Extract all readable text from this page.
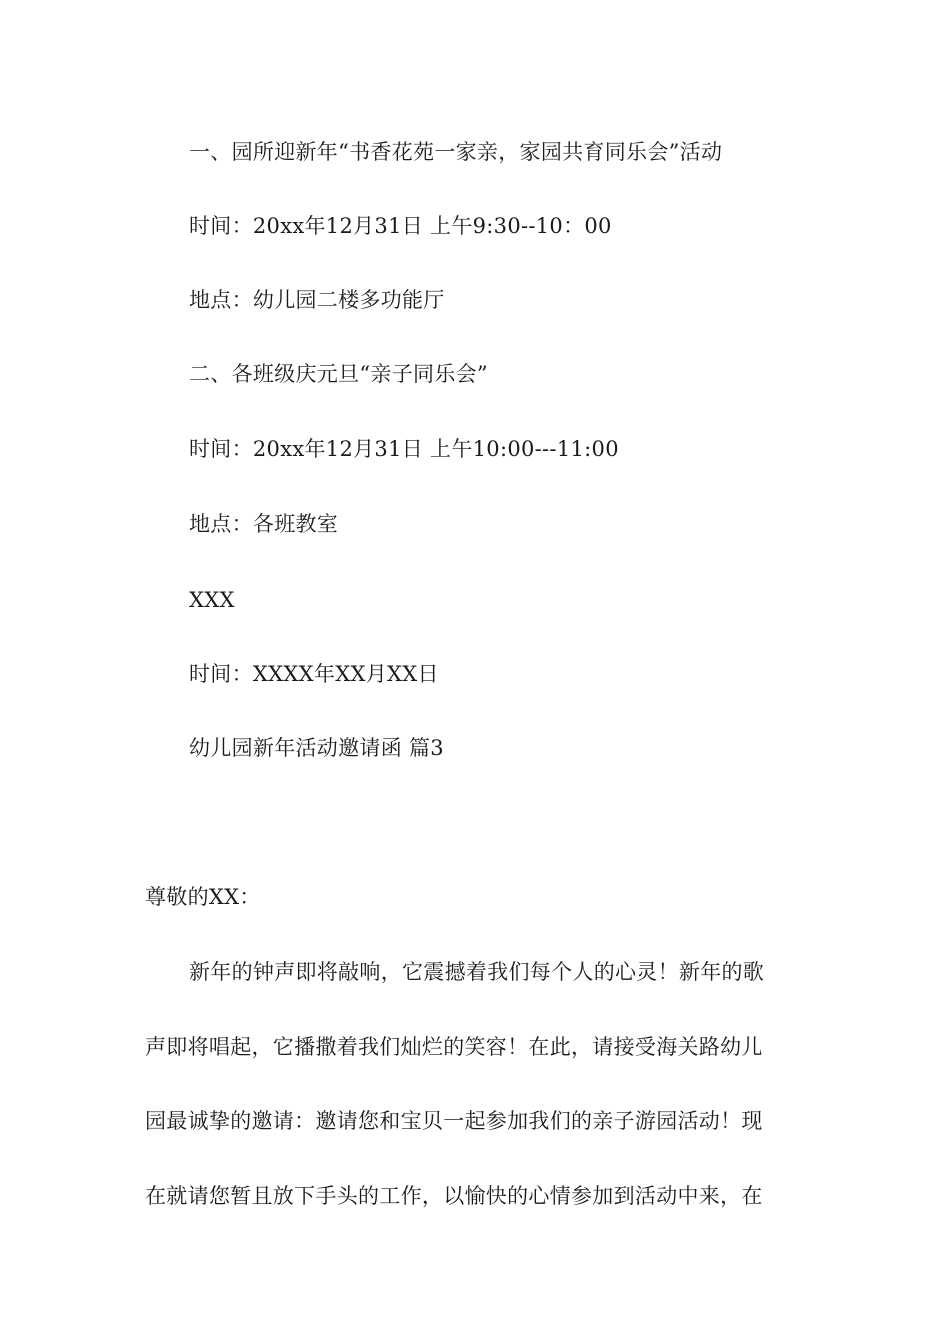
一、园所迎新年“书香花苑一家亲，家园共育同乐会”活动
时间：20xx年12月31日 上午9:30--10：00
地点：幼儿园二楼多功能厅
二、各班级庆元旦“亲子同乐会”
时间：20xx年12月31日 上午10:00---11:00
地点：各班教室
XXX
时间：XXXX年XX月XX日
幼儿园新年活动邀请函 篇3
尊敬的XX：
新年的钟声即将敲响，它震撼着我们每个人的心灵！新年的歌
声即将唱起，它播撒着我们灿烂的笑容！在此，请接受海关路幼儿
园最诚挚的邀请：邀请您和宝贝一起参加我们的亲子游园活动！现
在就请您暂且放下手头的工作，以愉快的心情参加到活动中来，在
